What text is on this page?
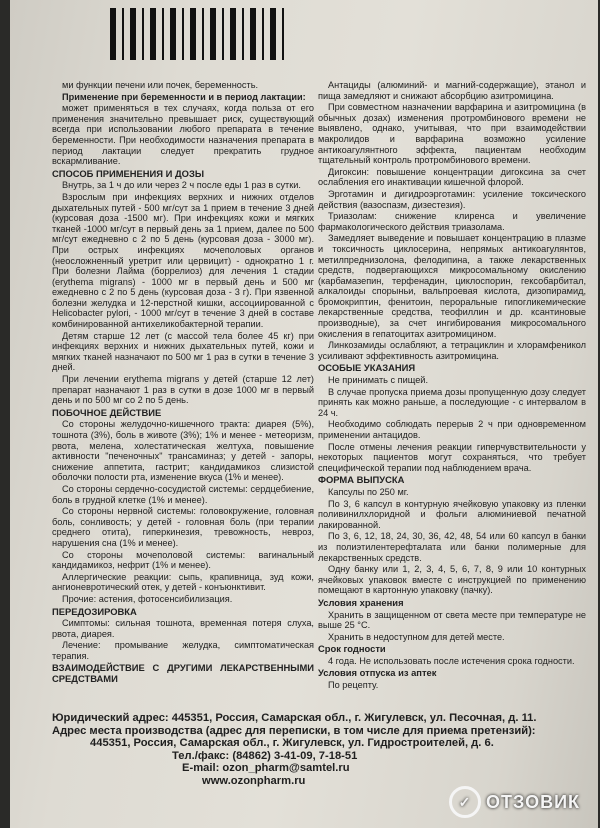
ми функции печени или почек, беременность.

Применение при беременности и в период лактации:

может применяться в тех случаях, когда польза от его применения значительно превышает риск, существующий всегда при использовании любого препарата в течение беременности. При необходимости назначения препарата в период лактации следует прекратить грудное вскармливание.

СПОСОБ ПРИМЕНЕНИЯ И ДОЗЫ

Внутрь, за 1 ч до или через 2 ч после еды 1 раз в сутки.

Взрослым при инфекциях верхних и нижних отделов дыхательных путей - 500 мг/сут за 1 прием в течение 3 дней (курсовая доза -1500 мг). При инфекциях кожи и мягких тканей -1000 мг/сут в первый день за 1 прием, далее по 500 мг/сут ежедневно с 2 по 5 день (курсовая доза - 3000 мг). При острых инфекциях мочеполовых органов (неосложненный уретрит или цервицит) - однократно 1 г. При болезни Лайма (боррелиоз) для лечения 1 стадии (erythema migrans) - 1000 мг в первый день и 500 мг ежедневно с 2 по 5 день (курсовая доза - 3 г). При язвенной болезни желудка и 12-перстной кишки, ассоциированной с Helicobacter pylori, - 1000 мг/сут в течение 3 дней в составе комбинированной антихеликобактерной терапии.

Детям старше 12 лет (с массой тела более 45 кг) при инфекциях верхних и нижних дыхательных путей, кожи и мягких тканей назначают по 500 мг 1 раз в сутки в течение 3 дней.

При лечении erythema migrans у детей (старше 12 лет) препарат назначают 1 раз в сутки в дозе 1000 мг в первый день и по 500 мг со 2 по 5 день.

ПОБОЧНОЕ ДЕЙСТВИЕ

Со стороны желудочно-кишечного тракта: диарея (5%), тошнота (3%), боль в животе (3%); 1% и менее - метеоризм, рвота, мелена, холестатическая желтуха, повышение активности "печеночных" трансаминаз; у детей - запоры, снижение аппетита, гастрит; кандидамикоз слизистой оболочки полости рта, изменение вкуса (1% и менее).

Со стороны сердечно-сосудистой системы: сердцебиение, боль в грудной клетке (1% и менее).

Со стороны нервной системы: головокружение, головная боль, сонливость; у детей - головная боль (при терапии среднего отита), гиперкинезия, тревожность, невроз, нарушения сна (1% и менее).

Со стороны мочеполовой системы: вагинальный кандидамикоз, нефрит (1% и менее).

Аллергические реакции: сыпь, крапивница, зуд кожи, ангионевротический отек, у детей - конъюнктивит.

Прочие: астения, фотосенсибилизация.

ПЕРЕДОЗИРОВКА

Симптомы: сильная тошнота, временная потеря слуха, рвота, диарея.

Лечение: промывание желудка, симптоматическая терапия.

ВЗАИМОДЕЙСТВИЕ С ДРУГИМИ ЛЕКАРСТВЕННЫМИ СРЕДСТВАМИ

Антациды (алюминий- и магний-содержащие), этанол и пища замедляют и снижают абсорбцию азитромицина.

При совместном назначении варфарина и азитромицина (в обычных дозах) изменения протромбинового времени не выявлено, однако, учитывая, что при взаимодействии макролидов и варфарина возможно усиление антикоагулянтного эффекта, пациентам необходим тщательный контроль протромбинового времени.

Дигоксин: повышение концентрации дигоксина за счет ослабления его инактивации кишечной флорой.

Эрготамин и дигидроэрготамин: усиление токсического действия (вазоспазм, дизестезия).

Триазолам: снижение клиренса и увеличение фармакологического действия триазолама.

Замедляет выведение и повышает концентрацию в плазме и токсичность циклосерина, непрямых антикоагулянтов, метилпреднизолона, фелодипина, а также лекарственных средств, подвергающихся микросомальному окислению (карбамазепин, терфенадин, циклоспорин, гексобарбитал, алкалоиды спорыньи, вальпроевая кислота, дизопирамид, бромокриптин, фенитоин, пероральные гипогликемические лекарственные средства, теофиллин и др. ксантиновые производные), за счет ингибирования микросомального окисления в гепатоцитах азитромицином.

Линкозамиды ослабляют, а тетрациклин и хлорамфеникол усиливают эффективность азитромицина.

ОСОБЫЕ УКАЗАНИЯ

Не принимать с пищей.

В случае пропуска приема дозы пропущенную дозу следует принять как можно раньше, а последующие - с интервалом в 24 ч.

Необходимо соблюдать перерыв 2 ч при одновременном применении антацидов.

После отмены лечения реакции гиперчувствительности у некоторых пациентов могут сохраняться, что требует специфической терапии под наблюдением врача.

ФОРМА ВЫПУСКА

Капсулы по 250 мг.

По 3, 6 капсул в контурную ячейковую упаковку из пленки поливинилхлоридной и фольги алюминиевой печатной лакированной.

По 3, 6, 12, 18, 24, 30, 36, 42, 48, 54 или 60 капсул в банки из полиэтилентерефталата или банки полимерные для лекарственных средств.

Одну банку или 1, 2, 3, 4, 5, 6, 7, 8, 9 или 10 контурных ячейковых упаковок вместе с инструкцией по применению помещают в картонную упаковку (пачку).

Условия хранения

Хранить в защищенном от света месте при температуре не выше 25 °С.

Хранить в недоступном для детей месте.

Срок годности

4 года. Не использовать после истечения срока годности.

Условия отпуска из аптек

По рецепту.

Юридический адрес: 445351, Россия, Самарская обл., г. Жигулевск, ул. Песочная, д. 11.
Адрес места производства (адрес для переписки, в том числе для приема претензий):
445351, Россия, Самарская обл., г. Жигулевск, ул. Гидростроителей, д. 6.
Тел./факс: (84862) 3-41-09, 7-18-51
E-mail: ozon_pharm@samtel.ru
www.ozonpharm.ru
✓ ОТЗОВИК
